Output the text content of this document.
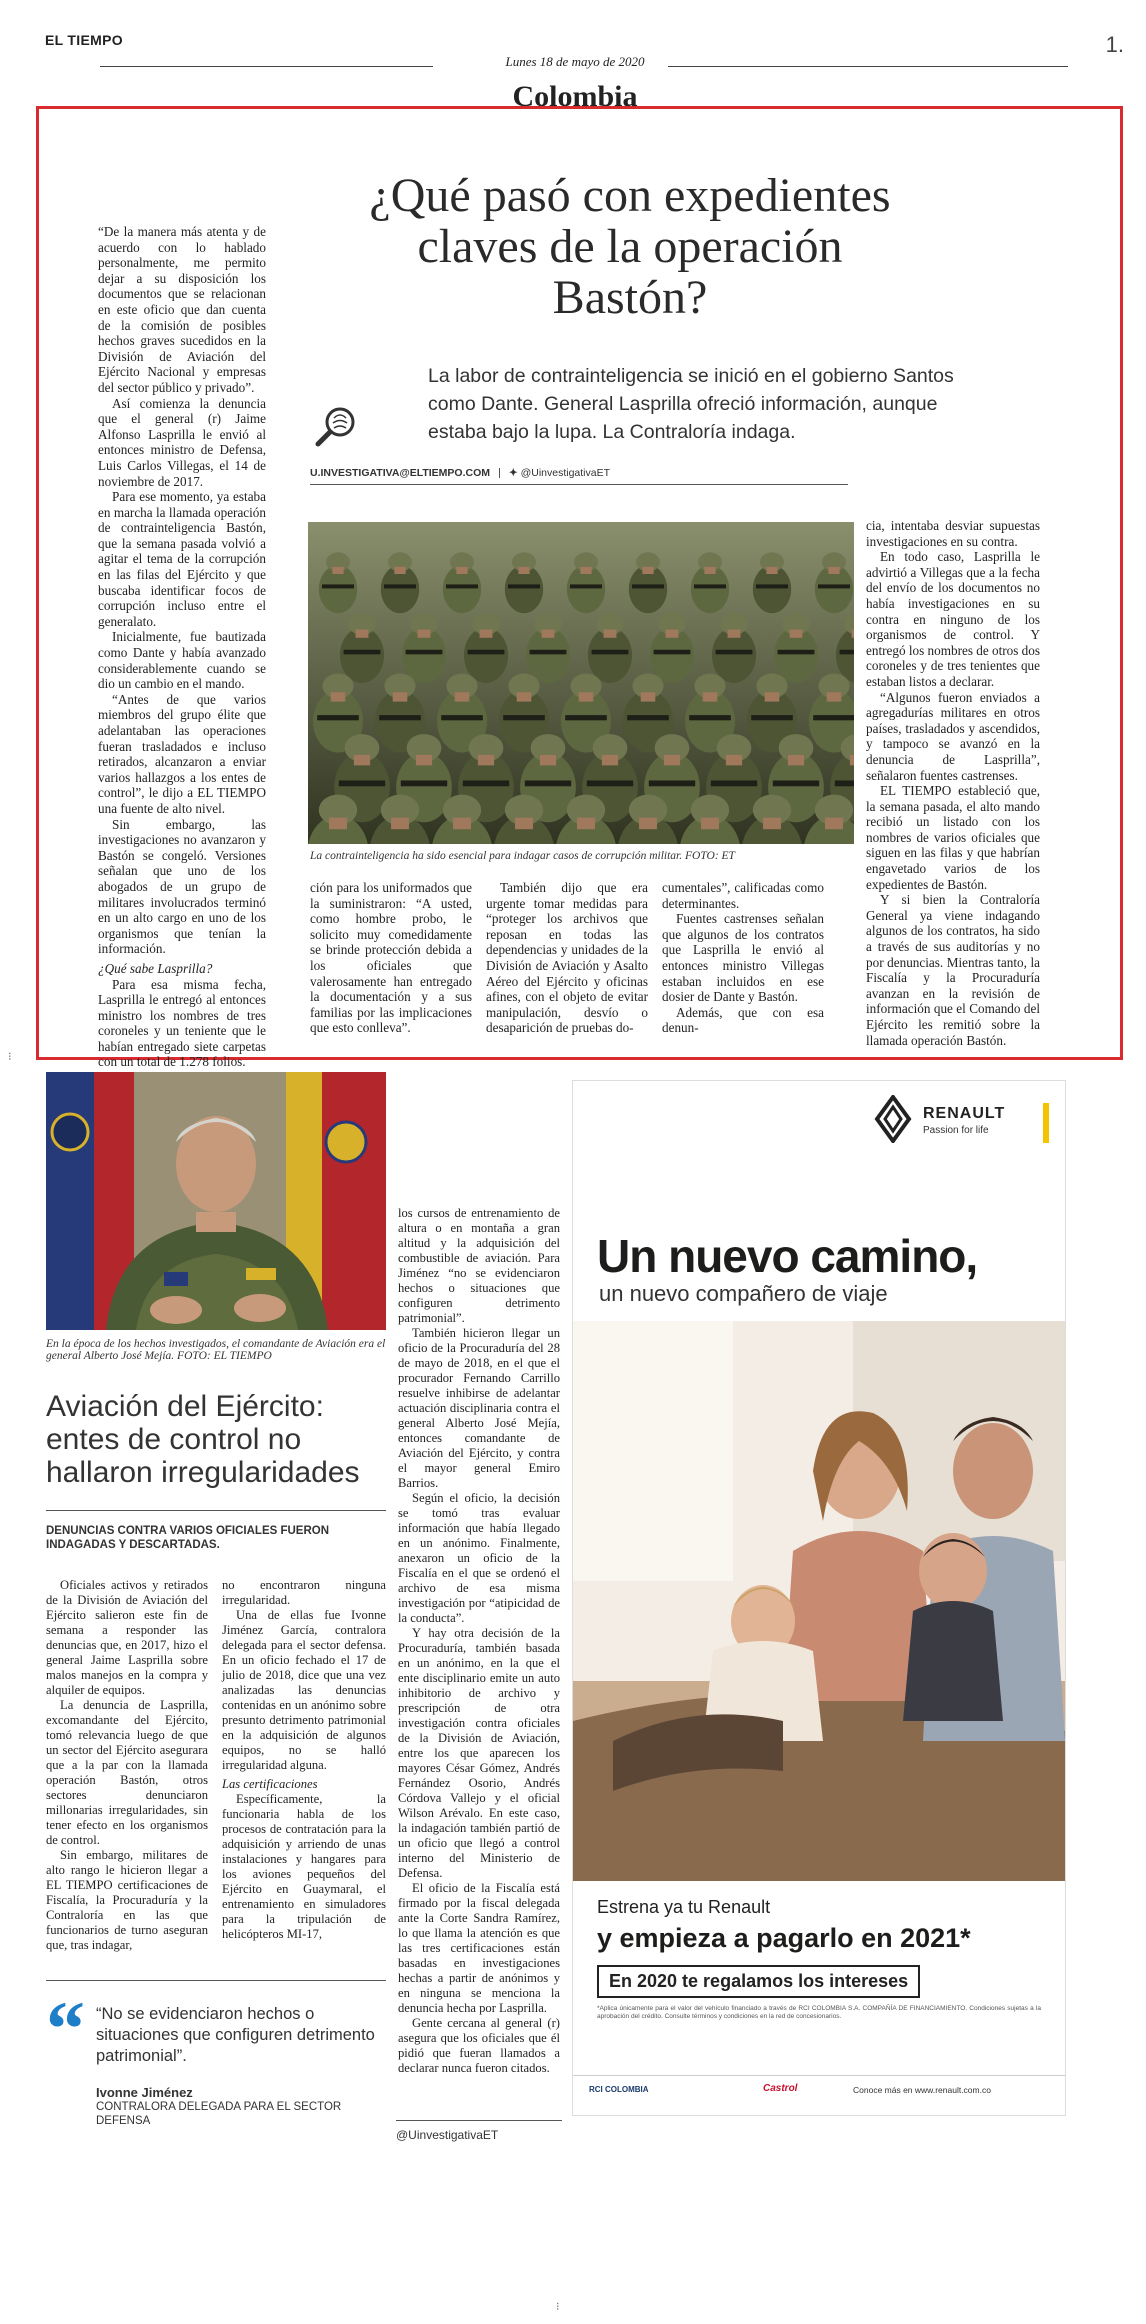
EL TIEMPO
Lunes 18 de mayo de 2020
1.
Colombia
⁝
⁝
¿Qué pasó con expedientes claves de la operación Bastón?
La labor de contrainteligencia se inició en el gobierno Santos como Dante. General Lasprilla ofreció información, aunque estaba bajo la lupa. La Contraloría indaga.
U.INVESTIGATIVA@ELTIEMPO.COM ✦ @UinvestigativaET

“De la manera más atenta y de acuerdo con lo hablado personalmente, me permito dejar a su disposición los documentos que se relacionan en este oficio que dan cuenta de la comisión de posibles hechos graves sucedidos en la División de Aviación del Ejército Nacional y empresas del sector público y privado”.

Así comienza la denuncia que el general (r) Jaime Alfonso Lasprilla le envió al entonces ministro de Defensa, Luis Carlos Villegas, el 14 de noviembre de 2017.

Para ese momento, ya estaba en marcha la llamada operación de contrainteligencia Bastón, que la semana pasada volvió a agitar el tema de la corrupción en las filas del Ejército y que buscaba identificar focos de corrupción incluso entre el generalato.

Inicialmente, fue bautizada como Dante y había avanzado considerablemente cuando se dio un cambio en el mando.

“Antes de que varios miembros del grupo élite que adelantaban las operaciones fueran trasladados e incluso retirados, alcanzaron a enviar varios hallazgos a los entes de control”, le dijo a EL TIEMPO una fuente de alto nivel.

Sin embargo, las investigaciones no avanzaron y Bastón se congeló. Versiones señalan que uno de los abogados de un grupo de militares involucrados terminó en un alto cargo en uno de los organismos que tenían la información.

¿Qué sabe Lasprilla?

Para esa misma fecha, Lasprilla le entregó al entonces ministro los nombres de tres coroneles y un teniente que le habían entregado siete carpetas con un total de 1.278 folios.

La contrainteligencia ha sido esencial para indagar casos de corrupción militar. FOTO: ET

ción para los uniformados que la suministraron: “A usted, como hombre probo, le solicito muy comedidamente se brinde protección debida a los oficiales que valerosamente han entregado la documentación y a sus familias por las implicaciones que esto conlleva”.

También dijo que era urgente tomar medidas para “proteger los archivos que reposan en todas las dependencias y unidades de la División de Aviación y Asalto Aéreo del Ejército y oficinas afines, con el objeto de evitar manipulación, desvío o desaparición de pruebas do-

cumentales”, calificadas como determinantes.

Fuentes castrenses señalan que algunos de los contratos que Lasprilla le envió al entonces ministro Villegas estaban incluidos en ese dosier de Dante y Bastón.

Además, que con esa denun-

cia, intentaba desviar supuestas investigaciones en su contra.

En todo caso, Lasprilla le advirtió a Villegas que a la fecha del envío de los documentos no había investigaciones en su contra en ninguno de los organismos de control. Y entregó los nombres de otros dos coroneles y de tres tenientes que estaban listos a declarar.

“Algunos fueron enviados a agregadurías militares en otros países, trasladados y ascendidos, y tampoco se avanzó en la denuncia de Lasprilla”, señalaron fuentes castrenses.

EL TIEMPO estableció que, la semana pasada, el alto mando recibió un listado con los nombres de varios oficiales que siguen en las filas y que habrían engavetado varios de los expedientes de Bastón.

Y si bien la Contraloría General ya viene indagando algunos de los contratos, ha sido a través de sus auditorías y no por denuncias. Mientras tanto, la Fiscalía y la Procuraduría avanzan en la revisión de información que el Comando del Ejército les remitió sobre la llamada operación Bastón.

En la época de los hechos investigados, el comandante de Aviación era el general Alberto José Mejía. FOTO: EL TIEMPO
Aviación del Ejército: entes de control no hallaron irregularidades
DENUNCIAS CONTRA VARIOS OFICIALES FUERON INDAGADAS Y DESCARTADAS.

Oficiales activos y retirados de la División de Aviación del Ejército salieron este fin de semana a responder las denuncias que, en 2017, hizo el general Jaime Lasprilla sobre malos manejos en la compra y alquiler de equipos.

La denuncia de Lasprilla, excomandante del Ejército, tomó relevancia luego de que un sector del Ejército asegurara que a la par con la llamada operación Bastón, otros sectores denunciaron millonarias irregularidades, sin tener efecto en los organismos de control.

Sin embargo, militares de alto rango le hicieron llegar a EL TIEMPO certificaciones de Fiscalía, la Procuraduría y la Contraloría en las que funcionarios de turno aseguran que, tras indagar,

no encontraron ninguna irregularidad.

Una de ellas fue Ivonne Jiménez García, contralora delegada para el sector defensa. En un oficio fechado el 17 de julio de 2018, dice que una vez analizadas las denuncias contenidas en un anónimo sobre presunto detrimento patrimonial en la adquisición de algunos equipos, no se halló irregularidad alguna.

Las certificaciones

Específicamente, la funcionaria habla de los procesos de contratación para la adquisición y arriendo de unas instalaciones y hangares para los aviones pequeños del Ejército en Guaymaral, el entrenamiento en simuladores para la tripulación de helicópteros MI-17,

los cursos de entrenamiento de altura o en montaña a gran altitud y la adquisición del combustible de aviación. Para Jiménez “no se evidenciaron hechos o situaciones que configuren detrimento patrimonial”.

También hicieron llegar un oficio de la Procuraduría del 28 de mayo de 2018, en el que el procurador Fernando Carrillo resuelve inhibirse de adelantar actuación disciplinaria contra el general Alberto José Mejía, entonces comandante de Aviación del Ejército, y contra el mayor general Emiro Barrios.

Según el oficio, la decisión se tomó tras evaluar información que había llegado en un anónimo. Finalmente, anexaron un oficio de la Fiscalía en el que se ordenó el archivo de esa misma investigación por “atipicidad de la conducta”.

Y hay otra decisión de la Procuraduría, también basada en un anónimo, en la que el ente disciplinario emite un auto inhibitorio de archivo y prescripción de otra investigación contra oficiales de la División de Aviación, entre los que aparecen los mayores César Gómez, Andrés Fernández Osorio, Andrés Córdova Vallejo y el oficial Wilson Arévalo. En este caso, la indagación también partió de un oficio que llegó a control interno del Ministerio de Defensa.

El oficio de la Fiscalía está firmado por la fiscal delegada ante la Corte Sandra Ramírez, lo que llama la atención es que las tres certificaciones están basadas en investigaciones hechas a partir de anónimos y en ninguna se menciona la denuncia hecha por Lasprilla.

Gente cercana al general (r) asegura que los oficiales que él pidió que fueran llamados a declarar nunca fueron citados.

“ “No se evidenciaron hechos o situaciones que configuren detrimento patrimonial”.
Ivonne Jiménez
CONTRALORA DELEGADA PARA EL SECTOR DEFENSA
@UinvestigativaET
RENAULT
Passion for life
Un nuevo camino,
un nuevo compañero de viaje
Estrena ya tu Renault
y empieza a pagarlo en 2021*
En 2020 te regalamos los intereses
*Aplica únicamente para el valor del vehículo financiado a través de RCI COLOMBIA S.A. COMPAÑÍA DE FINANCIAMIENTO. Condiciones sujetas a la aprobación del crédito. Consulte términos y condiciones en la red de concesionarios.
RCI COLOMBIA	Castrol	Conoce más en www.renault.com.co
